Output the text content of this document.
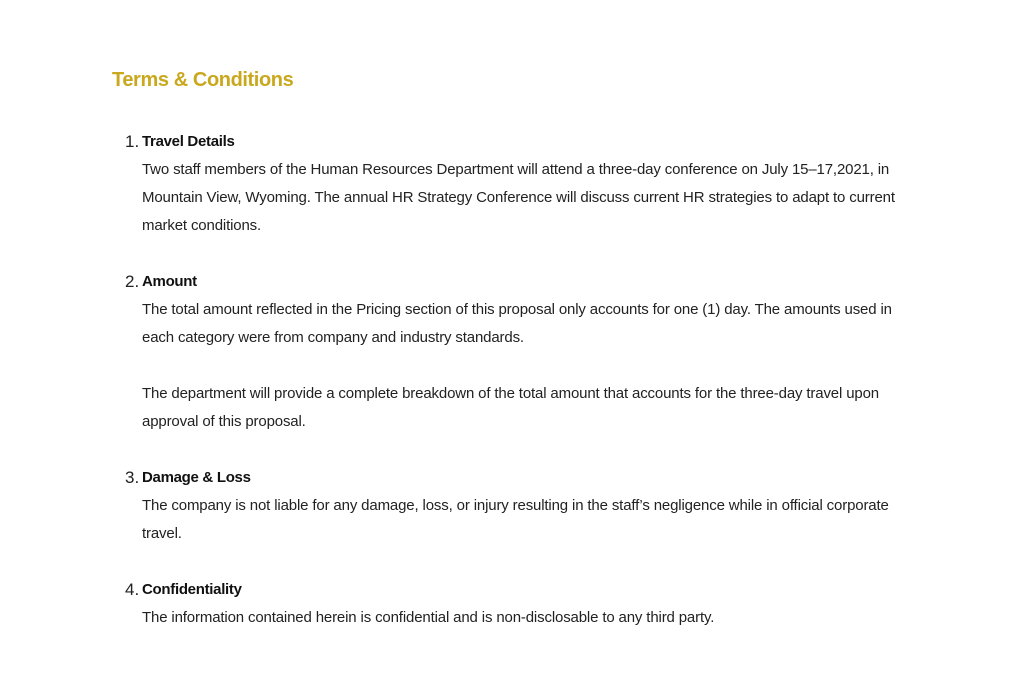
Terms & Conditions
1. Travel Details

Two staff members of the Human Resources Department will attend a three-day conference on July 15–17,2021, in Mountain View, Wyoming. The annual HR Strategy Conference will discuss current HR strategies to adapt to current market conditions.

2. Amount

The total amount reflected in the Pricing section of this proposal only accounts for one (1) day. The amounts used in each category were from company and industry standards.

The department will provide a complete breakdown of the total amount that accounts for the three-day travel upon approval of this proposal.

3. Damage & Loss

The company is not liable for any damage, loss, or injury resulting in the staff’s negligence while in official corporate travel.

4. Confidentiality

The information contained herein is confidential and is non-disclosable to any third party.
